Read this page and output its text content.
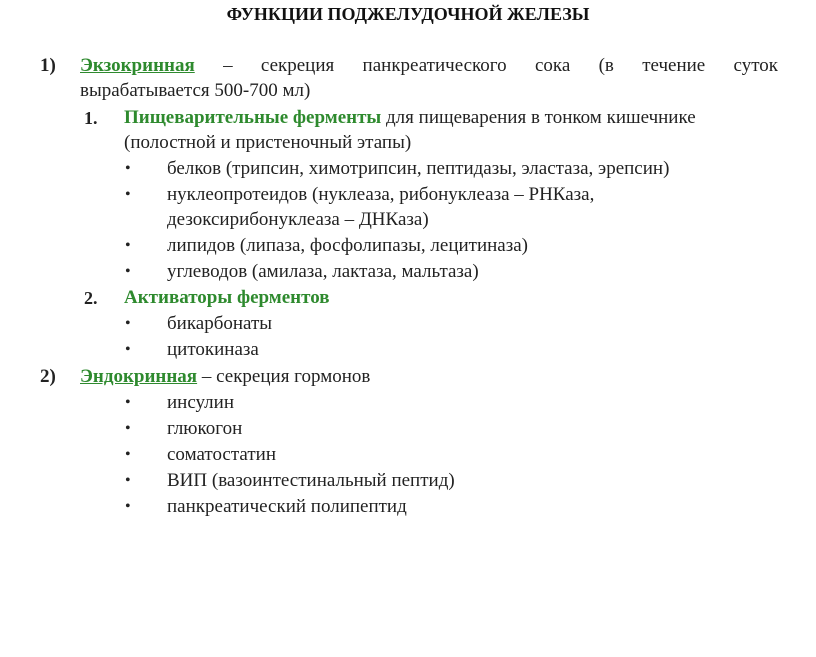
ФУНКЦИИ ПОДЖЕЛУДОЧНОЙ ЖЕЛЕЗЫ
1) Экзокринная – секреция панкреатического сока (в течение суток
вырабатывается 500-700 мл)
1. Пищеварительные ферменты для пищеварения в тонком кишечнике
(полостной и пристеночный этапы)
• белков (трипсин, химотрипсин, пептидазы, эластаза, эрепсин)
• нуклеопротеидов (нуклеаза, рибонуклеаза – РНКаза,
дезоксирибонуклеаза – ДНКаза)
• липидов (липаза, фосфолипазы, лецитиназа)
• углеводов (амилаза, лактаза, мальтаза)
2. Активаторы ферментов
• бикарбонаты
• цитокиназа
2) Эндокринная – секреция гормонов
• инсулин
• глюкогон
• соматостатин
• ВИП (вазоинтестинальный пептид)
• панкреатический полипептид
